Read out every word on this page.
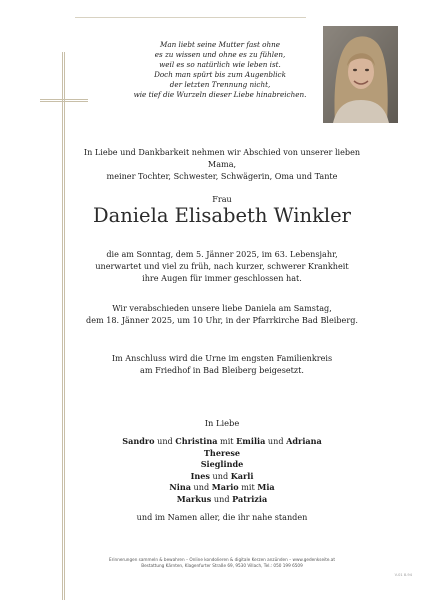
Man liebt seine Mutter fast ohne
es zu wissen und ohne es zu fühlen,
weil es so natürlich wie leben ist.
Doch man spürt bis zum Augenblick
der letzten Trennung nicht,
wie tief die Wurzeln dieser Liebe hinabreichen.
In Liebe und Dankbarkeit nehmen wir Abschied von unserer lieben Mama,
meiner Tochter, Schwester, Schwägerin, Oma und Tante
Frau
Daniela Elisabeth Winkler
die am Sonntag, dem 5. Jänner 2025, im 63. Lebensjahr,
unerwartet und viel zu früh, nach kurzer, schwerer Krankheit
ihre Augen für immer geschlossen hat.
Wir verabschieden unsere liebe Daniela am Samstag,
dem 18. Jänner 2025, um 10 Uhr, in der Pfarrkirche Bad Bleiberg.
Im Anschluss wird die Urne im engsten Familienkreis
am Friedhof in Bad Bleiberg beigesetzt.
In Liebe
Sandro und Christina mit Emilia und Adriana
Therese
Sieglinde
Ines und Karli
Nina und Mario mit Mia
Markus und Patrizia
und im Namen aller, die ihr nahe standen
Erinnerungen sammeln & bewahren – Online kondolieren & digitale Kerzen anzünden – www.gedenkseite.at
Bestattung Kärnten, Klagenfurter Straße 69, 9530 Villach, Tel.: 050 199 6509
V-01 8-94
